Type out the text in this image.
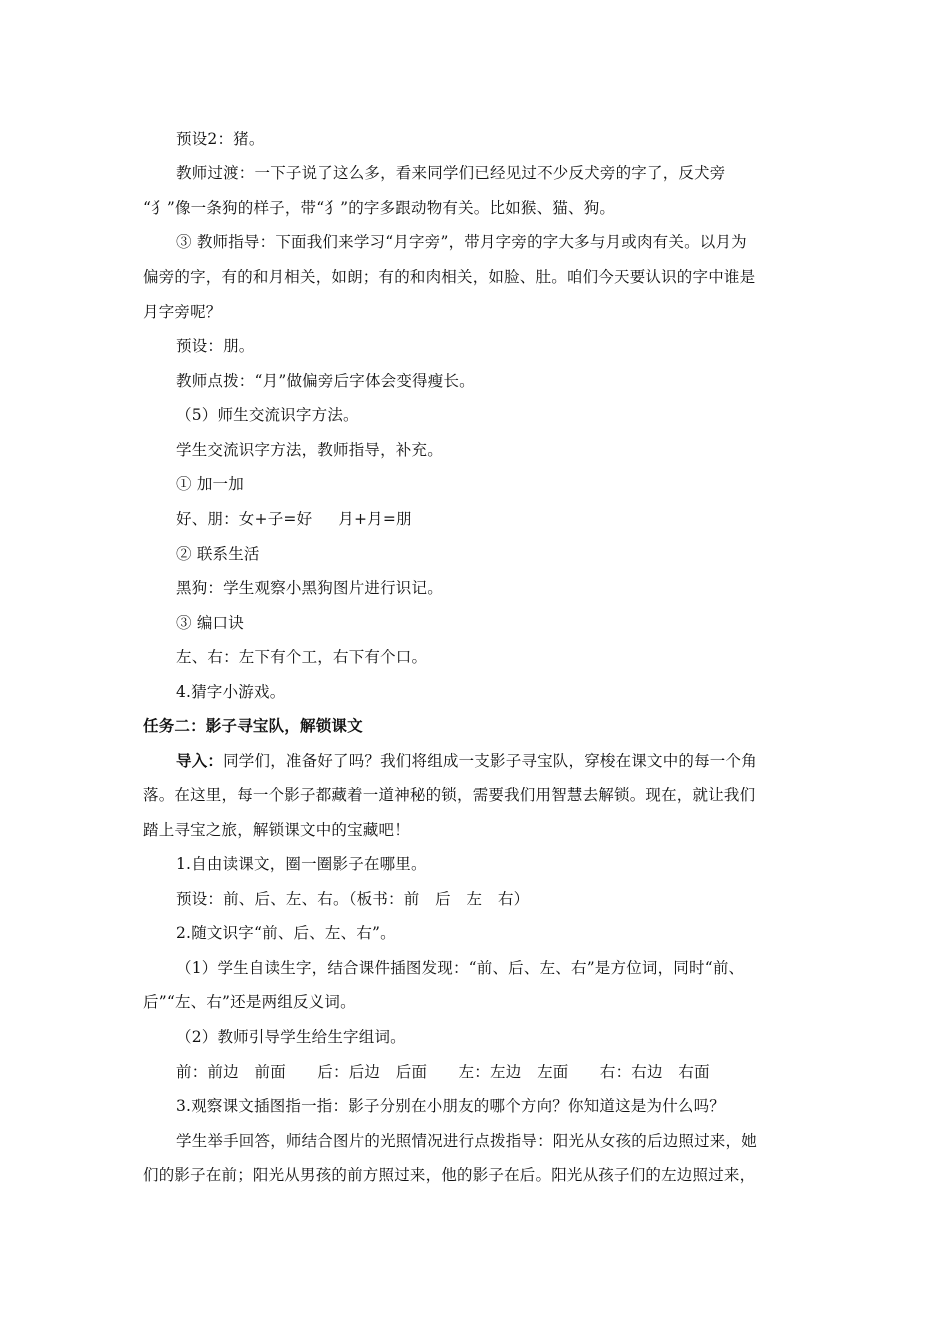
预设2：猪。
教师过渡：一下子说了这么多，看来同学们已经见过不少反犬旁的字了，反犬旁
“犭”像一条狗的样子，带“犭”的字多跟动物有关。比如猴、猫、狗。
③ 教师指导：下面我们来学习“月字旁”，带月字旁的字大多与月或肉有关。以月为
偏旁的字，有的和月相关，如朗；有的和肉相关，如脸、肚。咱们今天要认识的字中谁是
月字旁呢？
预设：朋。
教师点拨：“月”做偏旁后字体会变得瘦长。
（5）师生交流识字方法。
学生交流识字方法，教师指导，补充。
① 加一加
好、朋：女+子=好 月+月=朋
② 联系生活
黑狗：学生观察小黑狗图片进行识记。
③ 编口诀
左、右：左下有个工，右下有个口。
4.猜字小游戏。
任务二：影子寻宝队，解锁课文
导入：同学们，准备好了吗？我们将组成一支影子寻宝队，穿梭在课文中的每一个角
落。在这里，每一个影子都藏着一道神秘的锁，需要我们用智慧去解锁。现在，就让我们
踏上寻宝之旅，解锁课文中的宝藏吧！
1.自由读课文，圈一圈影子在哪里。
预设：前、后、左、右。（板书：前　后　左　右）
2.随文识字“前、后、左、右”。
（1）学生自读生字，结合课件插图发现：“前、后、左、右”是方位词，同时“前、
后”“左、右”还是两组反义词。
（2）教师引导学生给生字组词。
前：前边　前面　　后：后边　后面　　左：左边　左面　　右：右边　右面
3.观察课文插图指一指：影子分别在小朋友的哪个方向？你知道这是为什么吗？
学生举手回答，师结合图片的光照情况进行点拨指导：阳光从女孩的后边照过来，她
们的影子在前；阳光从男孩的前方照过来，他的影子在后。阳光从孩子们的左边照过来，
